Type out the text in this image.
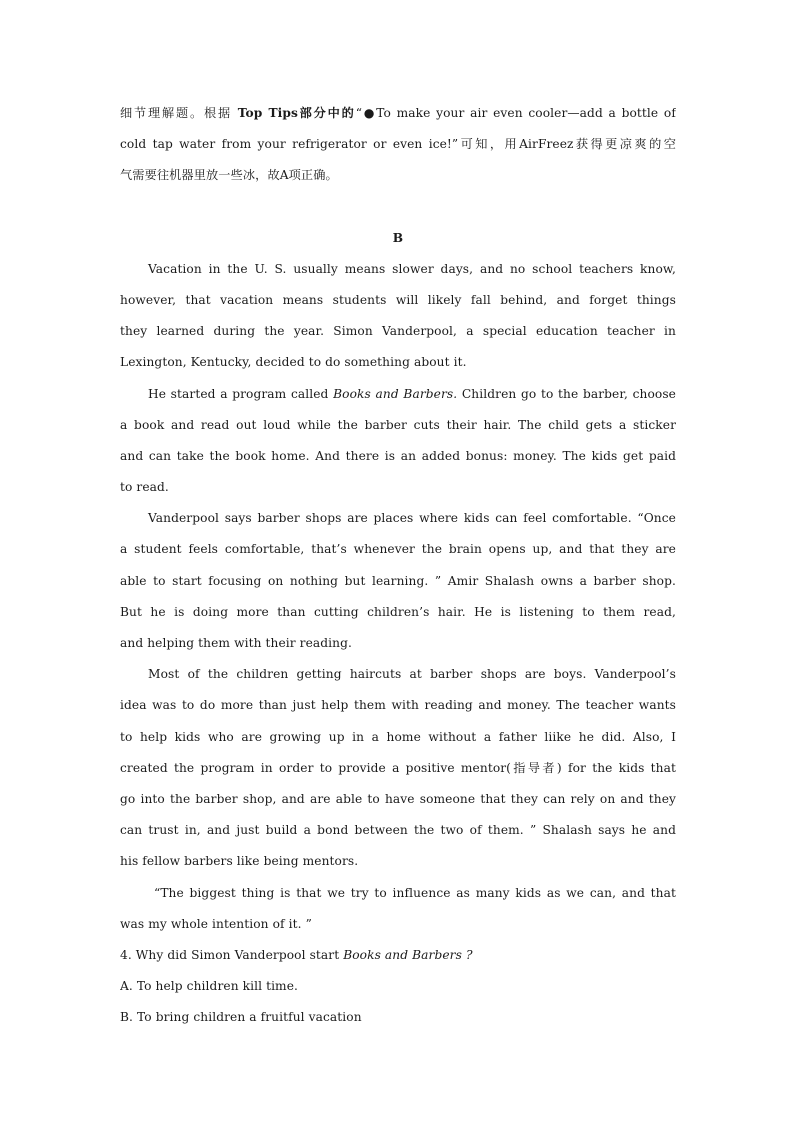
细节理解题。根据 Top Tips部分中的“●To make your air even cooler—add a bottle of
cold tap water from your refrigerator or even ice!”可知，用AirFreez获得更凉爽的空
气需要往机器里放一些冰，故A项正确。
B
Vacation in the U. S. usually means slower days, and no school teachers know,
however, that vacation means students will likely fall behind, and forget things
they learned during the year. Simon Vanderpool, a special education teacher in
Lexington, Kentucky, decided to do something about it.
He started a program called Books and Barbers. Children go to the barber, choose
a book and read out loud while the barber cuts their hair. The child gets a sticker
and can take the book home. And there is an added bonus: money. The kids get paid
to read.
Vanderpool says barber shops are places where kids can feel comfortable. “Once
a student feels comfortable, that’s whenever the brain opens up, and that they are
able to start focusing on nothing but learning. ” Amir Shalash owns a barber shop.
But he is doing more than cutting children’s hair. He is listening to them read,
and helping them with their reading.
Most of the children getting haircuts at barber shops are boys. Vanderpool’s
idea was to do more than just help them with reading and money. The teacher wants
to help kids who are growing up in a home without a father liike he did. Also, I
created the program in order to provide a positive mentor(指导者) for the kids that
go into the barber shop, and are able to have someone that they can rely on and they
can trust in, and just build a bond between the two of them. ” Shalash says he and
his fellow barbers like being mentors.
“The biggest thing is that we try to influence as many kids as we can, and that
was my whole intention of it. ”
4. Why did Simon Vanderpool start Books and Barbers ?
A. To help children kill time.
B. To bring children a fruitful vacation
